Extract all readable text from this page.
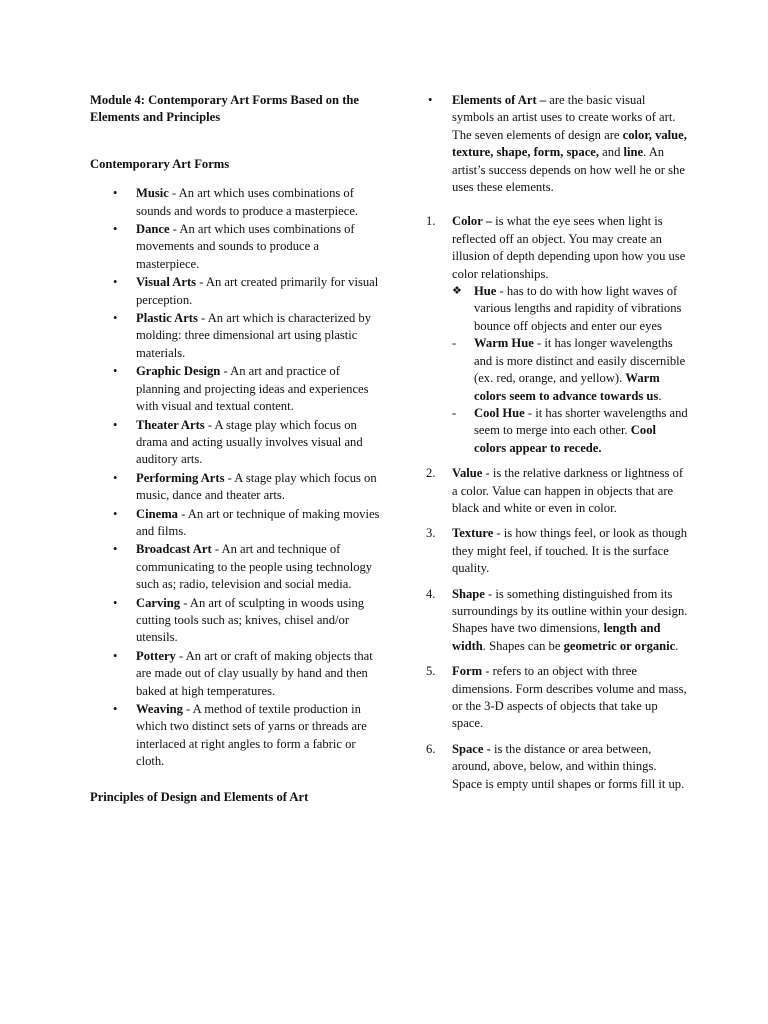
Module 4: Contemporary Art Forms Based on the Elements and Principles

Contemporary Art Forms

• Music - An art which uses combinations of sounds and words to produce a masterpiece.
• Dance - An art which uses combinations of movements and sounds to produce a masterpiece.
• Visual Arts - An art created primarily for visual perception.
• Plastic Arts - An art which is characterized by molding: three dimensional art using plastic materials.
• Graphic Design - An art and practice of planning and projecting ideas and experiences with visual and textual content.
• Theater Arts - A stage play which focus on drama and acting usually involves visual and auditory arts.
• Performing Arts - A stage play which focus on music, dance and theater arts.
• Cinema - An art or technique of making movies and films.
• Broadcast Art - An art and technique of communicating to the people using technology such as; radio, television and social media.
• Carving - An art of sculpting in woods using cutting tools such as; knives, chisel and/or utensils.
• Pottery - An art or craft of making objects that are made out of clay usually by hand and then baked at high temperatures.
• Weaving - A method of textile production in which two distinct sets of yarns or threads are interlaced at right angles to form a fabric or cloth.

Principles of Design and Elements of Art

• Elements of Art – are the basic visual symbols an artist uses to create works of art. The seven elements of design are color, value, texture, shape, form, space, and line. An artist’s success depends on how well he or she uses these elements.

1. Color – is what the eye sees when light is reflected off an object. You may create an illusion of depth depending upon how you use color relationships.
❖ Hue - has to do with how light waves of various lengths and rapidity of vibrations bounce off objects and enter our eyes
- Warm Hue - it has longer wavelengths and is more distinct and easily discernible (ex. red, orange, and yellow). Warm colors seem to advance towards us.
- Cool Hue - it has shorter wavelengths and seem to merge into each other. Cool colors appear to recede.
2. Value - is the relative darkness or lightness of a color. Value can happen in objects that are black and white or even in color.
3. Texture - is how things feel, or look as though they might feel, if touched. It is the surface quality.
4. Shape - is something distinguished from its surroundings by its outline within your design. Shapes have two dimensions, length and width. Shapes can be geometric or organic.
5. Form - refers to an object with three dimensions. Form describes volume and mass, or the 3-D aspects of objects that take up space.
6. Space - is the distance or area between, around, above, below, and within things. Space is empty until shapes or forms fill it up.
